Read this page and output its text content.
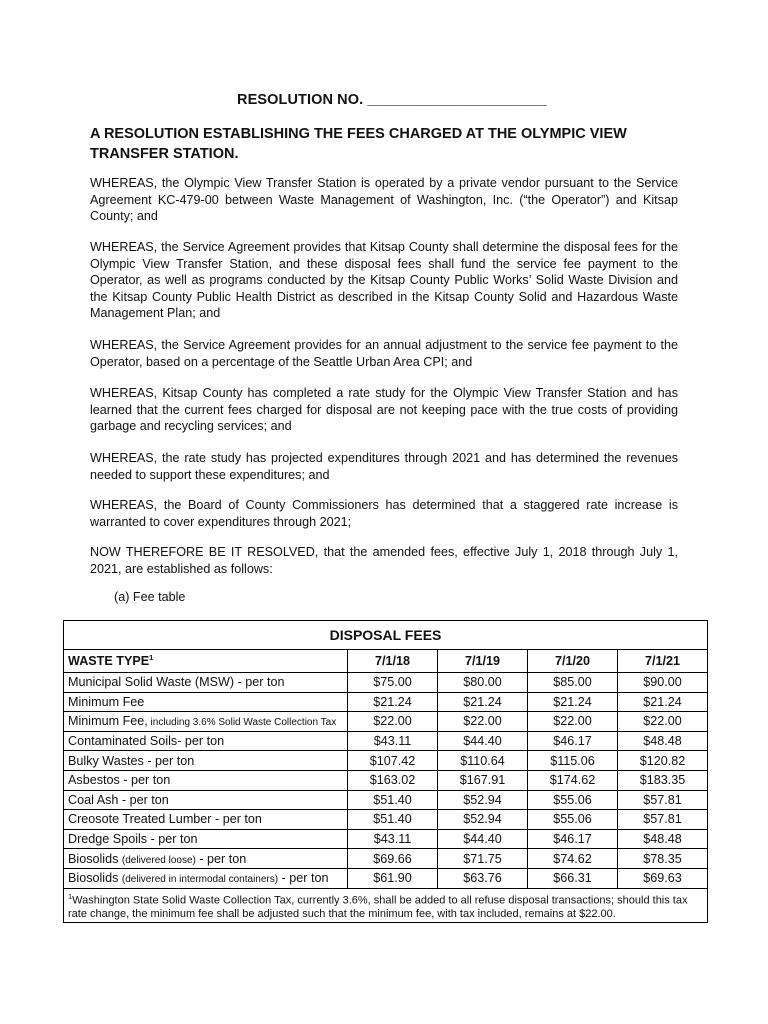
RESOLUTION NO. ______________________
A RESOLUTION ESTABLISHING THE FEES CHARGED AT THE OLYMPIC VIEW TRANSFER STATION.
WHEREAS, the Olympic View Transfer Station is operated by a private vendor pursuant to the Service Agreement KC-479-00 between Waste Management of Washington, Inc. (“the Operator”) and Kitsap County; and
WHEREAS, the Service Agreement provides that Kitsap County shall determine the disposal fees for the Olympic View Transfer Station, and these disposal fees shall fund the service fee payment to the Operator, as well as programs conducted by the Kitsap County Public Works’ Solid Waste Division and the Kitsap County Public Health District as described in the Kitsap County Solid and Hazardous Waste Management Plan; and
WHEREAS, the Service Agreement provides for an annual adjustment to the service fee payment to the Operator, based on a percentage of the Seattle Urban Area CPI; and
WHEREAS, Kitsap County has completed a rate study for the Olympic View Transfer Station and has learned that the current fees charged for disposal are not keeping pace with the true costs of providing garbage and recycling services; and
WHEREAS, the rate study has projected expenditures through 2021 and has determined the revenues needed to support these expenditures; and
WHEREAS, the Board of County Commissioners has determined that a staggered rate increase is warranted to cover expenditures through 2021;
NOW THEREFORE BE IT RESOLVED, that the amended fees, effective July 1, 2018 through July 1, 2021, are established as follows:
(a) Fee table
DISPOSAL FEES				
WASTE TYPE$^1$	7/1/18	7/1/19	7/1/20	7/1/21
Municipal Solid Waste (MSW) - per ton	$75.00	$80.00	$85.00	$90.00
Minimum Fee	$21.24	$21.24	$21.24	$21.24
Minimum Fee, including 3.6% Solid Waste Collection Tax	$22.00	$22.00	$22.00	$22.00
Contaminated Soils- per ton	$43.11	$44.40	$46.17	$48.48
Bulky Wastes - per ton	$107.42	$110.64	$115.06	$120.82
Asbestos - per ton	$163.02	$167.91	$174.62	$183.35
Coal Ash - per ton	$51.40	$52.94	$55.06	$57.81
Creosote Treated Lumber - per ton	$51.40	$52.94	$55.06	$57.81
Dredge Spoils - per ton	$43.11	$44.40	$46.17	$48.48
Biosolids (delivered loose) - per ton	$69.66	$71.75	$74.62	$78.35
Biosolids (delivered in intermodal containers) - per ton	$61.90	$63.76	$66.31	$69.63
$^1$Washington State Solid Waste Collection Tax, currently 3.6%, shall be added to all refuse disposal transactions; should this tax rate change, the minimum fee shall be adjusted such that the minimum fee, with tax included, remains at $22.00.				
